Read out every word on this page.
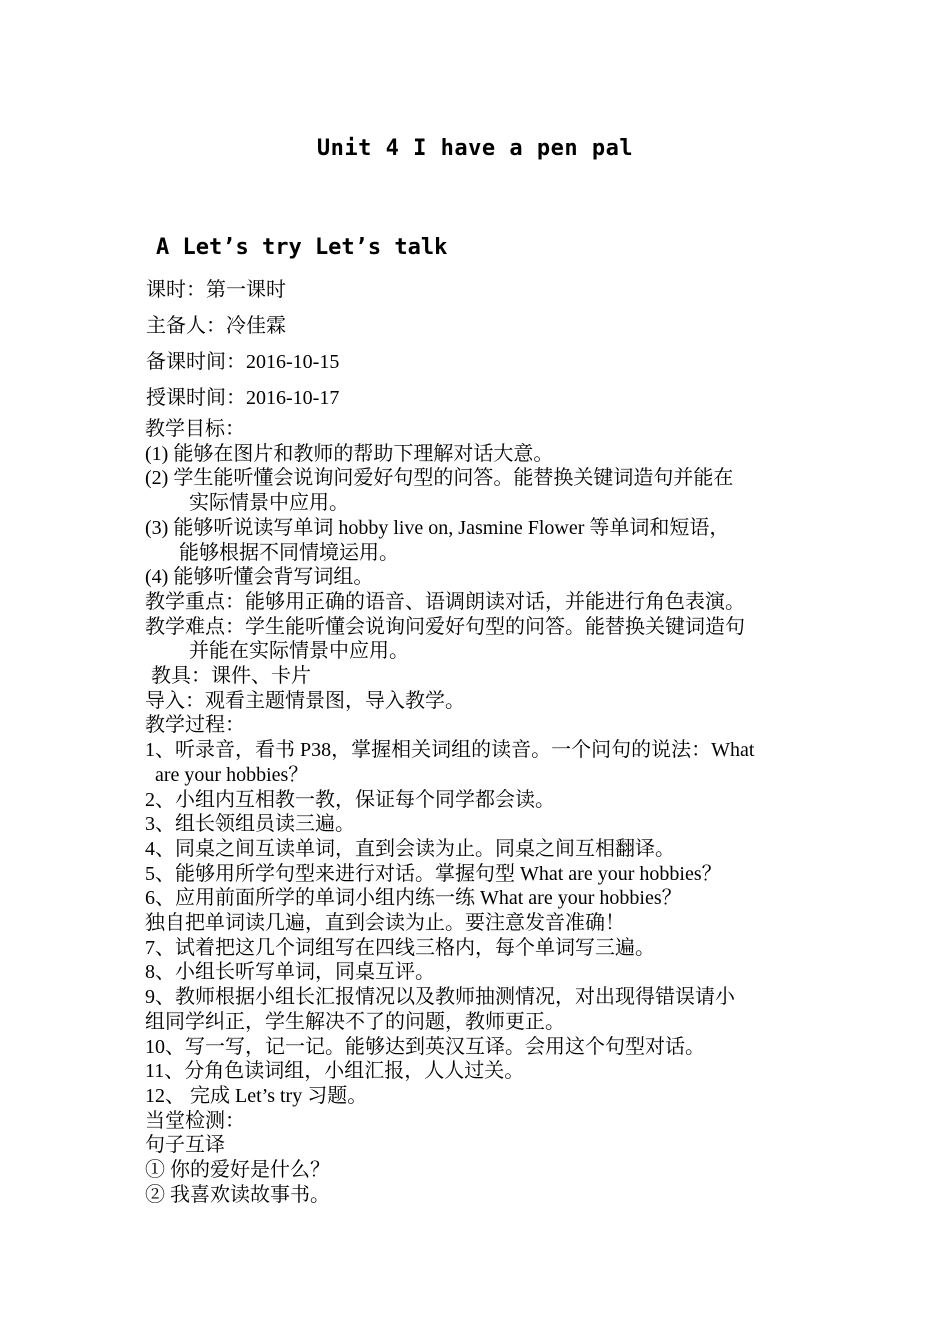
Unit 4 I have a pen pal
A Let’s try Let’s talk
课时：第一课时
主备人：冷佳霖
备课时间：2016-10-15
授课时间：2016-10-17
教学目标：
(1) 能够在图片和教师的帮助下理解对话大意。
(2) 学生能听懂会说询问爱好句型的问答。能替换关键词造句并能在
实际情景中应用。
(3) 能够听说读写单词 hobby live on, Jasmine Flower 等单词和短语，
能够根据不同情境运用。
(4) 能够听懂会背写词组。
教学重点：能够用正确的语音、语调朗读对话，并能进行角色表演。
教学难点：学生能听懂会说询问爱好句型的问答。能替换关键词造句
并能在实际情景中应用。
教具：课件、卡片
导入：观看主题情景图，导入教学。
教学过程：
1、听录音，看书 P38，掌握相关词组的读音。一个问句的说法：What
are your hobbies？
2、小组内互相教一教，保证每个同学都会读。
3、组长领组员读三遍。
4、同桌之间互读单词，直到会读为止。同桌之间互相翻译。
5、能够用所学句型来进行对话。掌握句型 What are your hobbies？
6、应用前面所学的单词小组内练一练 What are your hobbies？
独自把单词读几遍，直到会读为止。要注意发音准确！
7、试着把这几个词组写在四线三格内，每个单词写三遍。
8、小组长听写单词，同桌互评。
9、教师根据小组长汇报情况以及教师抽测情况，对出现得错误请小
组同学纠正，学生解决不了的问题，教师更正。
10、写一写，记一记。能够达到英汉互译。会用这个句型对话。
11、分角色读词组，小组汇报，人人过关。
12、 完成 Let’s try 习题。
当堂检测：
句子互译
① 你的爱好是什么？
② 我喜欢读故事书。
